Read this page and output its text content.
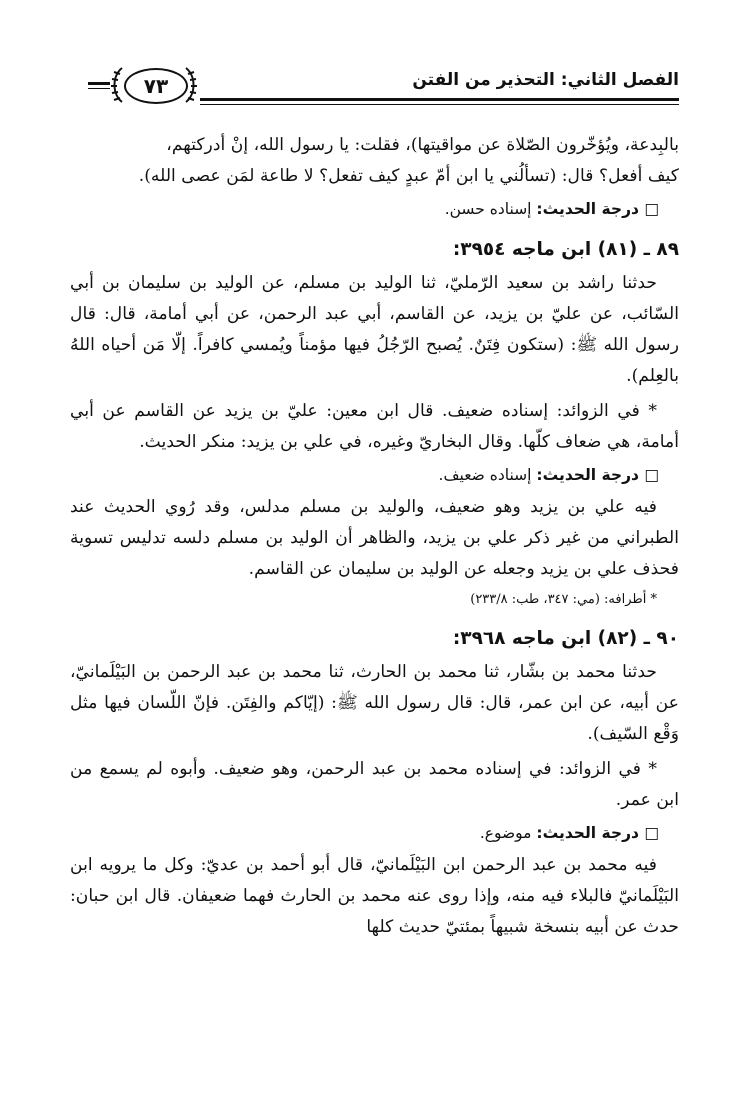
الفصل الثاني: التحذير من الفتن
٧٣

بالبِدعة، ويُؤخّرون الصّلاة عن مواقيتها)، فقلت: يا رسول الله، إنْ أدركتهم،

كيف أفعل؟ قال: (تسألُني يا ابن أمّ عبدٍ كيف تفعل؟ لا طاعة لمَن عصى الله).

□ درجة الحديث: إسناده حسن.
٨٩ ـ (٨١) ابن ماجه ٣٩٥٤:

حدثنا راشد بن سعيد الرّمليّ، ثنا الوليد بن مسلم، عن الوليد بن سليمان بن أبي السّائب، عن عليّ بن يزيد، عن القاسم، أبي عبد الرحمن، عن أبي أمامة، قال: قال رسول الله ﷺ: (ستكون فِتَنٌ. يُصبح الرّجُلُ فيها مؤمناً ويُمسي كافراً. إلّا مَن أحياه اللهُ بالعِلم).

* في الزوائد: إسناده ضعيف. قال ابن معين: عليّ بن يزيد عن القاسم عن أبي أمامة، هي ضعاف كلّها. وقال البخاريّ وغيره، في علي بن يزيد: منكر الحديث.

□ درجة الحديث: إسناده ضعيف.

فيه علي بن يزيد وهو ضعيف، والوليد بن مسلم مدلس، وقد رُوي الحديث عند الطبراني من غير ذكر علي بن يزيد، والظاهر أن الوليد بن مسلم دلسه تدليس تسوية فحذف علي بن يزيد وجعله عن الوليد بن سليمان عن القاسم.

* أطرافه: (مي: ٣٤٧، طب: ٢٣٣/٨)
٩٠ ـ (٨٢) ابن ماجه ٣٩٦٨:

حدثنا محمد بن بشّار، ثنا محمد بن الحارث، ثنا محمد بن عبد الرحمن بن البَيْلَمانيّ، عن أبيه، عن ابن عمر، قال: قال رسول الله ﷺ: (إيّاكم والفِتَن. فإنّ اللّسان فيها مثل وَقْع السّيف).

* في الزوائد: في إسناده محمد بن عبد الرحمن، وهو ضعيف. وأبوه لم يسمع من ابن عمر.

□ درجة الحديث: موضوع.

فيه محمد بن عبد الرحمن ابن البَيْلَمانيّ، قال أبو أحمد بن عديّ: وكل ما يرويه ابن البَيْلَمانيّ فالبلاء فيه منه، وإذا روى عنه محمد بن الحارث فهما ضعيفان. قال ابن حبان: حدث عن أبيه بنسخة شبيهاً بمئتيّ حديث كلها
